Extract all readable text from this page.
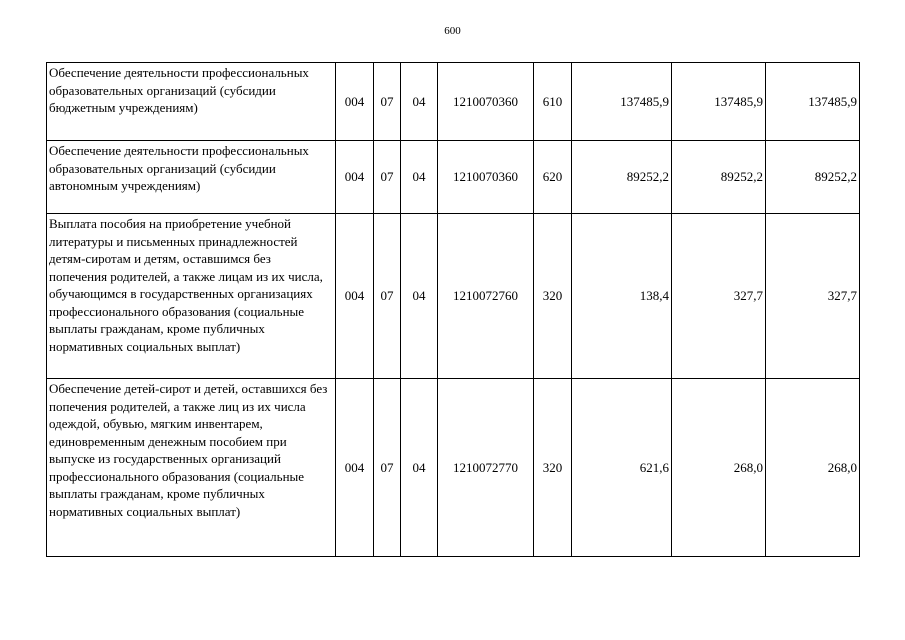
600
Обеспечение деятельности профессиональных образовательных организаций (субсидии бюджетным учреждениям)	004	07	04	1210070360	610	137485,9	137485,9	137485,9
Обеспечение деятельности профессиональных образовательных организаций (субсидии автономным учреждениям)	004	07	04	1210070360	620	89252,2	89252,2	89252,2
Выплата пособия на приобретение учебной литературы и письменных принадлежностей детям-сиротам и детям, оставшимся без попечения родителей, а также лицам из их числа, обучающимся в государственных организациях профессионального образования (социальные выплаты гражданам, кроме публичных нормативных социальных выплат)	004	07	04	1210072760	320	138,4	327,7	327,7
Обеспечение детей-сирот и детей, оставшихся без попечения родителей, а также лиц из их числа одеждой, обувью, мягким инвентарем, единовременным денежным пособием при выпуске из государственных организаций профессионального образования (социальные выплаты гражданам, кроме публичных нормативных социальных выплат)	004	07	04	1210072770	320	621,6	268,0	268,0
